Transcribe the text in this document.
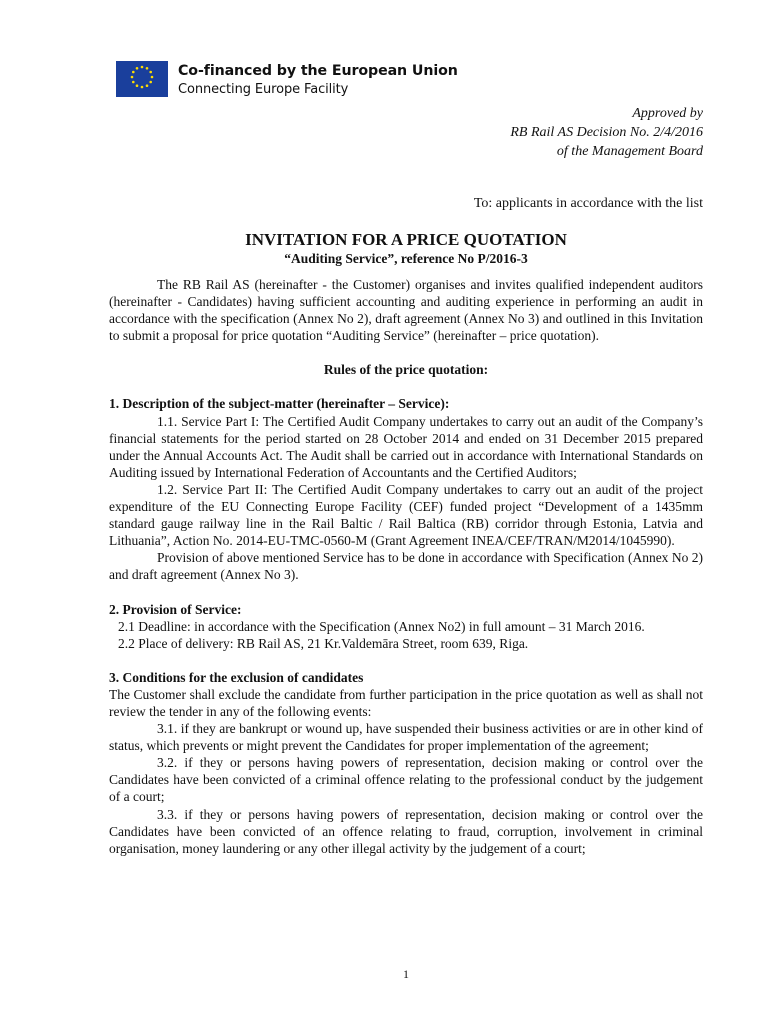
Co-financed by the European Union
Connecting Europe Facility
Approved by
RB Rail AS Decision No. 2/4/2016
of the Management Board
To: applicants in accordance with the list
INVITATION FOR A PRICE QUOTATION
“Auditing Service”, reference No P/2016-3

The RB Rail AS (hereinafter - the Customer) organises and invites qualified independent auditors (hereinafter - Candidates) having sufficient accounting and auditing experience in performing an audit in accordance with the specification (Annex No 2), draft agreement (Annex No 3) and outlined in this Invitation to submit a proposal for price quotation “Auditing Service” (hereinafter – price quotation).

Rules of the price quotation:

1. Description of the subject-matter (hereinafter – Service):

1.1. Service Part I: The Certified Audit Company undertakes to carry out an audit of the Company’s financial statements for the period started on 28 October 2014 and ended on 31 December 2015 prepared under the Annual Accounts Act. The Audit shall be carried out in accordance with International Standards on Auditing issued by International Federation of Accountants and the Certified Auditors;

1.2. Service Part II: The Certified Audit Company undertakes to carry out an audit of the project expenditure of the EU Connecting Europe Facility (CEF) funded project “Development of a 1435mm standard gauge railway line in the Rail Baltic / Rail Baltica (RB) corridor through Estonia, Latvia and Lithuania”, Action No. 2014-EU-TMC-0560-M (Grant Agreement INEA/CEF/TRAN/M2014/1045990).

Provision of above mentioned Service has to be done in accordance with Specification (Annex No 2) and draft agreement (Annex No 3).

2. Provision of Service:

2.1 Deadline: in accordance with the Specification (Annex No2) in full amount – 31 March 2016.

2.2 Place of delivery: RB Rail AS, 21 Kr.Valdemāra Street, room 639, Riga.

3. Conditions for the exclusion of candidates

The Customer shall exclude the candidate from further participation in the price quotation as well as shall not review the tender in any of the following events:

3.1. if they are bankrupt or wound up, have suspended their business activities or are in other kind of status, which prevents or might prevent the Candidates for proper implementation of the agreement;

3.2. if they or persons having powers of representation, decision making or control over the Candidates have been convicted of a criminal offence relating to the professional conduct by the judgement of a court;

3.3. if they or persons having powers of representation, decision making or control over the Candidates have been convicted of an offence relating to fraud, corruption, involvement in criminal organisation, money laundering or any other illegal activity by the judgement of a court;

1
